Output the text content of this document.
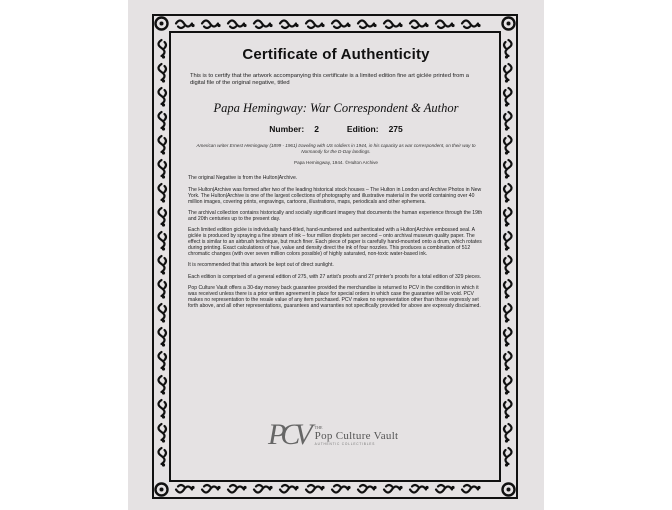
Certificate of Authenticity
This is to certify that the artwork accompanying this certificate is a limited edition fine art giclée printed from a digital file of the original negative, titled
Papa Hemingway: War Correspondent & Author
Number: 2	Edition: 275
American writer Ernest Hemingway (1899 - 1961) traveling with US soldiers in 1944, in his capacity as war correspondent, on their way to Normandy for the D-Day landings.
Papa Hemingway, 1944. ©Hulton Archive

The original Negative is from the Hulton|Archive.

The Hulton|Archive was formed after two of the leading historical stock houses – The Hulton in London and Archive Photos in New York. The Hulton|Archive is one of the largest collections of photography and illustrative material in the world containing over 40 million images, covering prints, engravings, cartoons, illustrations, maps, periodicals and other ephemera.

The archival collection contains historically and socially significant imagery that documents the human experience through the 19th and 20th centuries up to the present day.

Each limited edition giclée is individually hand-titled, hand-numbered and authenticated with a Hulton|Archive embossed seal. A giclée is produced by spraying a fine stream of ink – four million droplets per second – onto archival museum quality paper. The effect is similar to an airbrush technique, but much finer. Each piece of paper is carefully hand-mounted onto a drum, which rotates during printing. Exact calculations of hue, value and density direct the ink of four nozzles. This produces a combination of 512 chromatic changes (with over seven million colors possible) of highly saturated, non-toxic water-based ink.

It is recommended that this artwork be kept out of direct sunlight.

Each edition is comprised of a general edition of 275, with 27 artist's proofs and 27 printer's proofs for a total edition of 329 pieces.

Pop Culture Vault offers a 30-day money back guarantee provided the merchandise is returned to PCV in the condition in which it was received unless there is a prior written agreement in place for special orders in which case the guarantee will be void. PCV makes no representation to the resale value of any item purchased. PCV makes no representation other than those expressly set forth above, and all other representations, guarantees and warranties not specifically provided for above are expressly disclaimed.

PCV THE
Pop Culture Vault
AUTHENTIC COLLECTIBLES
